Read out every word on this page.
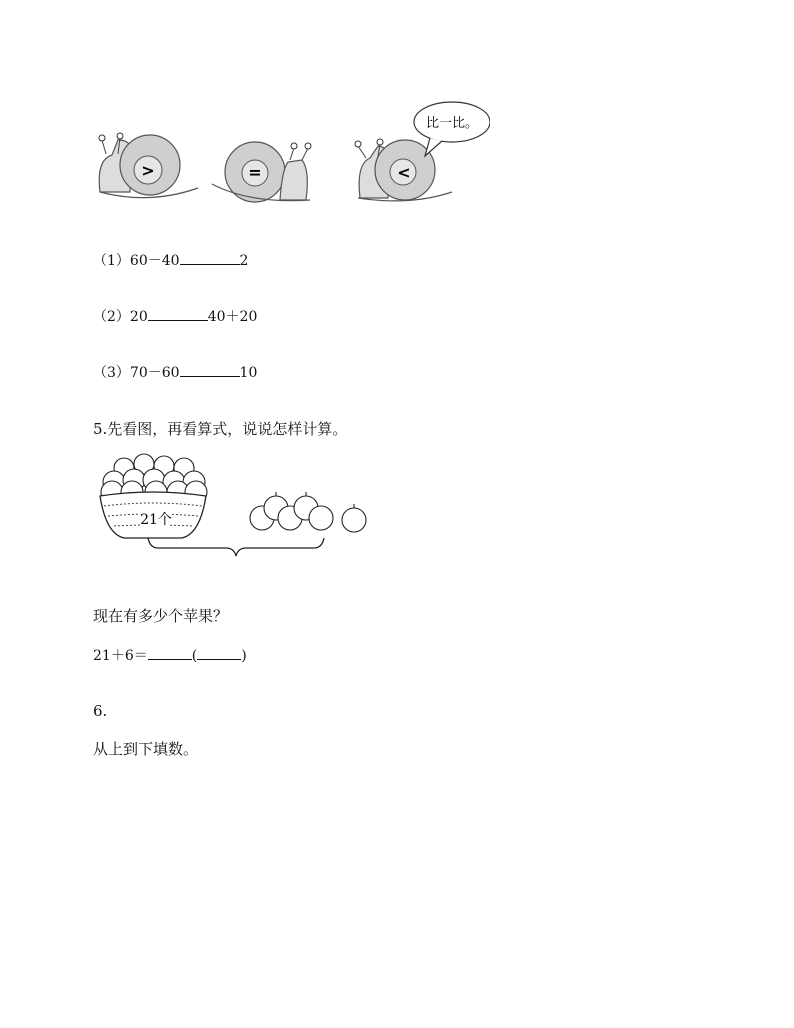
>	=	<
比一比。
（1）60－40	2
（2）20	40＋20
（3）70－60	10
5.先看图，再看算式，说说怎样计算。
21个
现在有多少个苹果？
21＋6＝	(	)
6.
从上到下填数。
